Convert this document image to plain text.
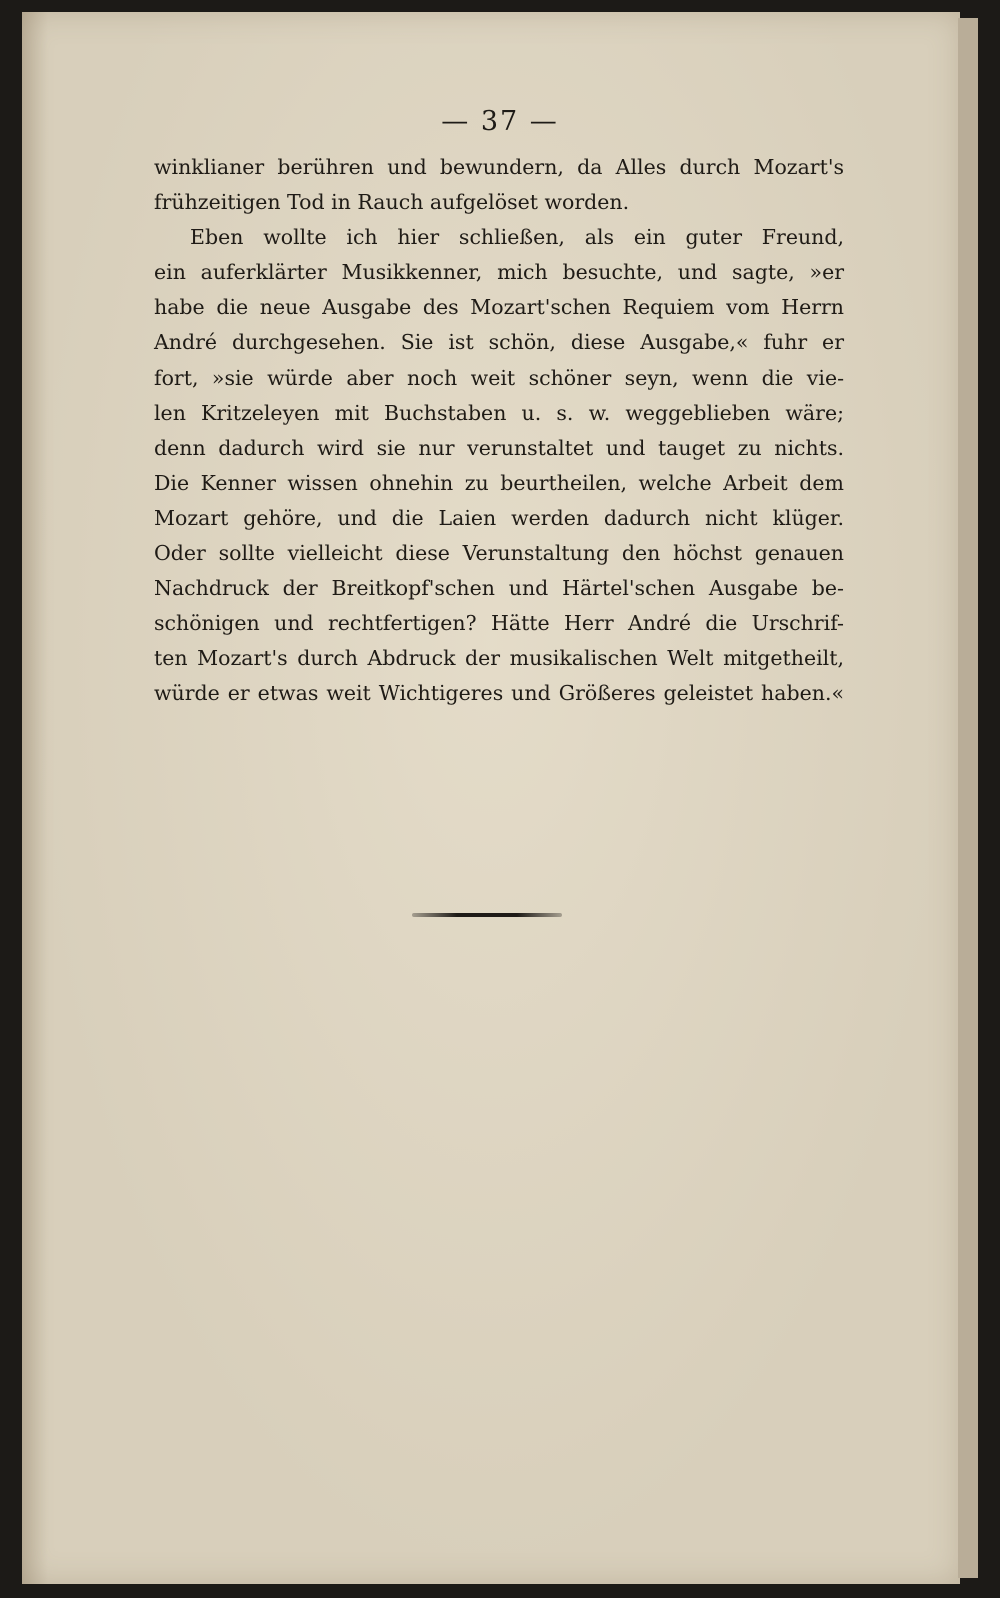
— 37 —
winklianer berühren und bewundern, da Alles durch Mozart's
frühzeitigen Tod in Rauch aufgelöset worden.
Eben wollte ich hier schließen, als ein guter Freund,
ein auferklärter Musikkenner, mich besuchte, und sagte, »er
habe die neue Ausgabe des Mozart'schen Requiem vom Herrn
André durchgesehen. Sie ist schön, diese Ausgabe,« fuhr er
fort, »sie würde aber noch weit schöner seyn, wenn die vie-
len Kritzeleyen mit Buchstaben u. s. w. weggeblieben wäre;
denn dadurch wird sie nur verunstaltet und tauget zu nichts.
Die Kenner wissen ohnehin zu beurtheilen, welche Arbeit dem
Mozart gehöre, und die Laien werden dadurch nicht klüger.
Oder sollte vielleicht diese Verunstaltung den höchst genauen
Nachdruck der Breitkopf'schen und Härtel'schen Ausgabe be-
schönigen und rechtfertigen? Hätte Herr André die Urschrif-
ten Mozart's durch Abdruck der musikalischen Welt mitgetheilt,
würde er etwas weit Wichtigeres und Größeres geleistet haben.«
